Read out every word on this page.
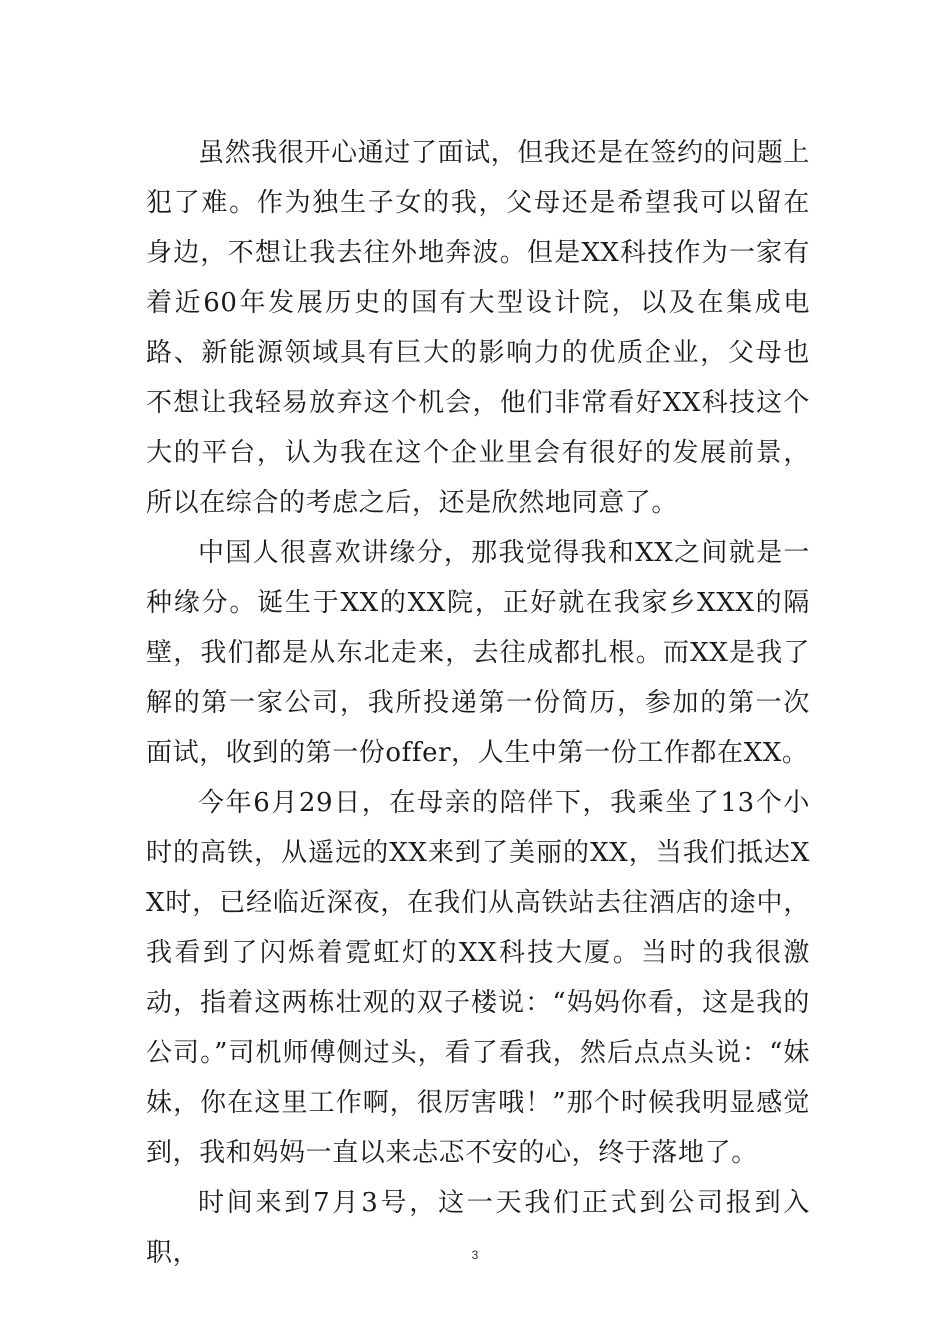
虽然我很开心通过了面试，但我还是在签约的问题上犯了难。作为独生子女的我，父母还是希望我可以留在身边，不想让我去往外地奔波。但是XX科技作为一家有着近60年发展历史的国有大型设计院，以及在集成电路、新能源领域具有巨大的影响力的优质企业，父母也不想让我轻易放弃这个机会，他们非常看好XX科技这个大的平台，认为我在这个企业里会有很好的发展前景，所以在综合的考虑之后，还是欣然地同意了。

中国人很喜欢讲缘分，那我觉得我和XX之间就是一种缘分。诞生于XX的XX院，正好就在我家乡XXX的隔壁，我们都是从东北走来，去往成都扎根。而XX是我了解的第一家公司，我所投递第一份简历，参加的第一次面试，收到的第一份offer，人生中第一份工作都在XX。

今年6月29日，在母亲的陪伴下，我乘坐了13个小时的高铁，从遥远的XX来到了美丽的XX，当我们抵达XX时，已经临近深夜，在我们从高铁站去往酒店的途中，我看到了闪烁着霓虹灯的XX科技大厦。当时的我很激动，指着这两栋壮观的双子楼说：“妈妈你看，这是我的公司。”司机师傅侧过头，看了看我，然后点点头说：“妹妹，你在这里工作啊，很厉害哦！”那个时候我明显感觉到，我和妈妈一直以来忐忑不安的心，终于落地了。

时间来到7月3号，这一天我们正式到公司报到入职，	3
